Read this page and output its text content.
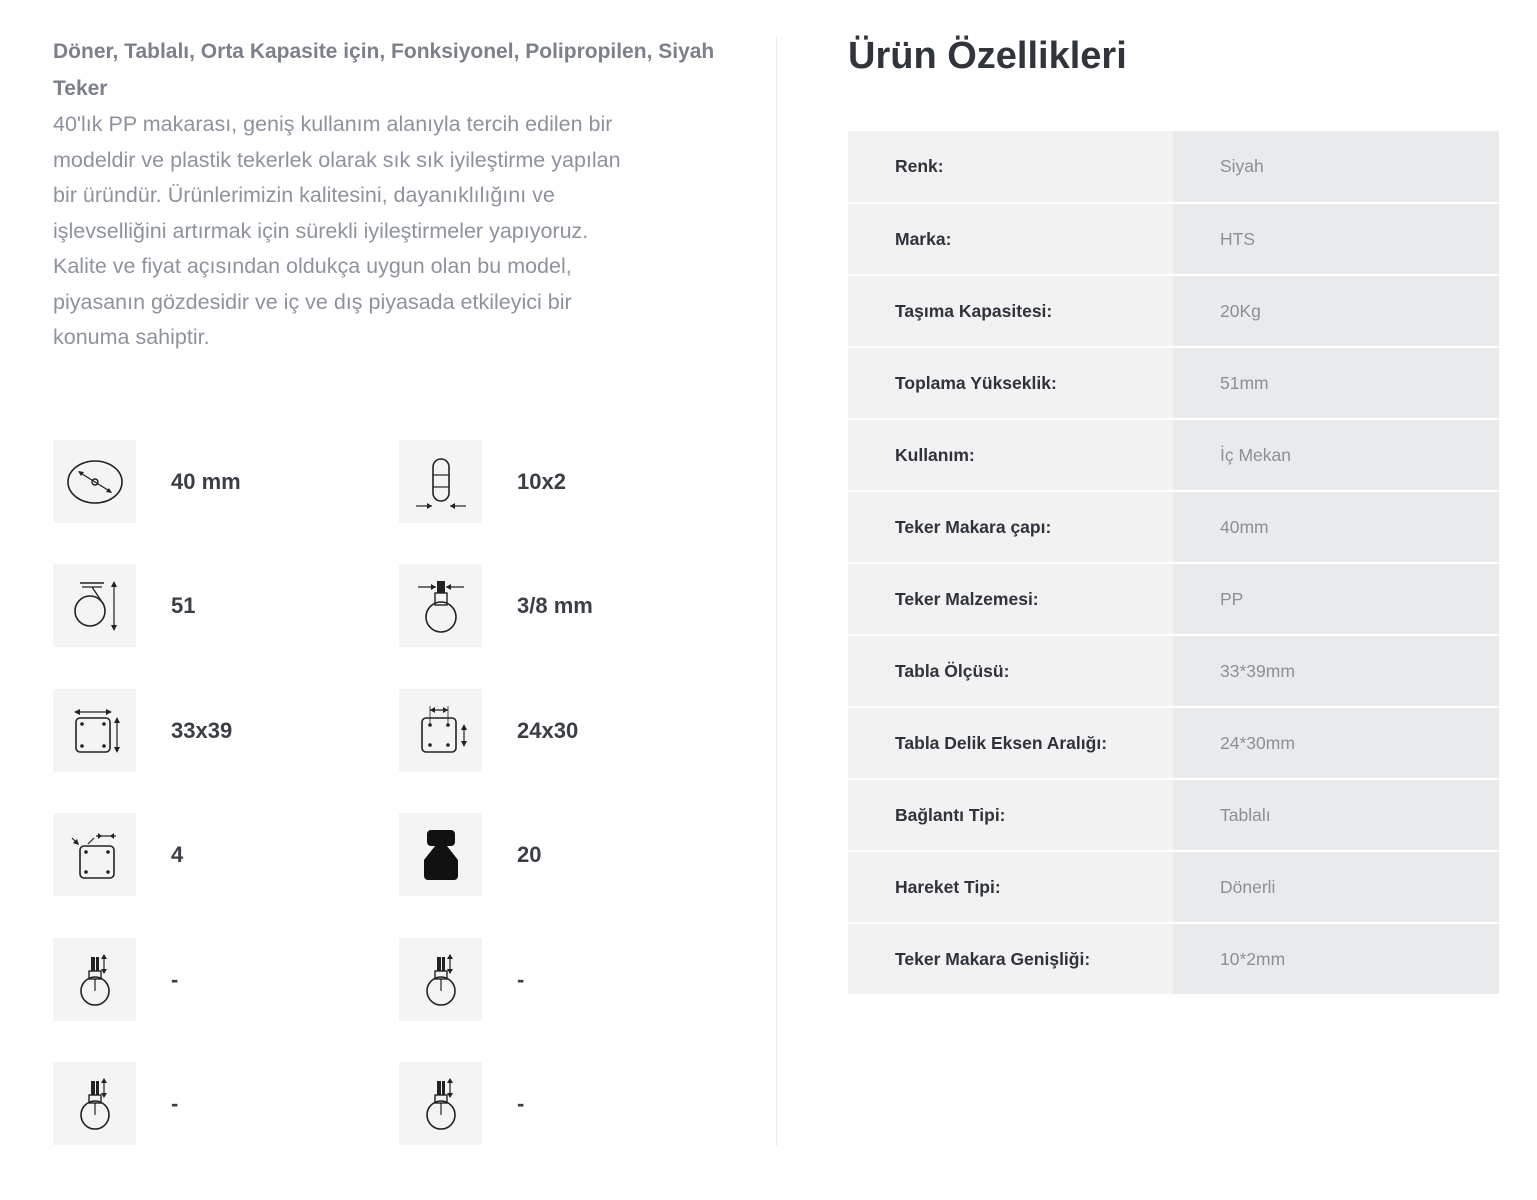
Döner, Tablalı, Orta Kapasite için, Fonksiyonel, Polipropilen, Siyah Teker

40'lık PP makarası, geniş kullanım alanıyla tercih edilen bir
modeldir ve plastik tekerlek olarak sık sık iyileştirme yapılan
bir üründür. Ürünlerimizin kalitesini, dayanıklılığını ve
işlevselliğini artırmak için sürekli iyileştirmeler yapıyoruz.
Kalite ve fiyat açısından oldukça uygun olan bu model,
piyasanın gözdesidir ve iç ve dış piyasada etkileyici bir
konuma sahiptir.

40 mm	10x2
51	3/8 mm
33x39	24x30
4	20
-	-
-	-
Ürün Özellikleri
Renk:	Siyah
Marka:	HTS
Taşıma Kapasitesi:	20Kg
Toplama Yükseklik:	51mm
Kullanım:	İç Mekan
Teker Makara çapı:	40mm
Teker Malzemesi:	PP
Tabla Ölçüsü:	33*39mm
Tabla Delik Eksen Aralığı:	24*30mm
Bağlantı Tipi:	Tablalı
Hareket Tipi:	Dönerli
Teker Makara Genişliği:	10*2mm
